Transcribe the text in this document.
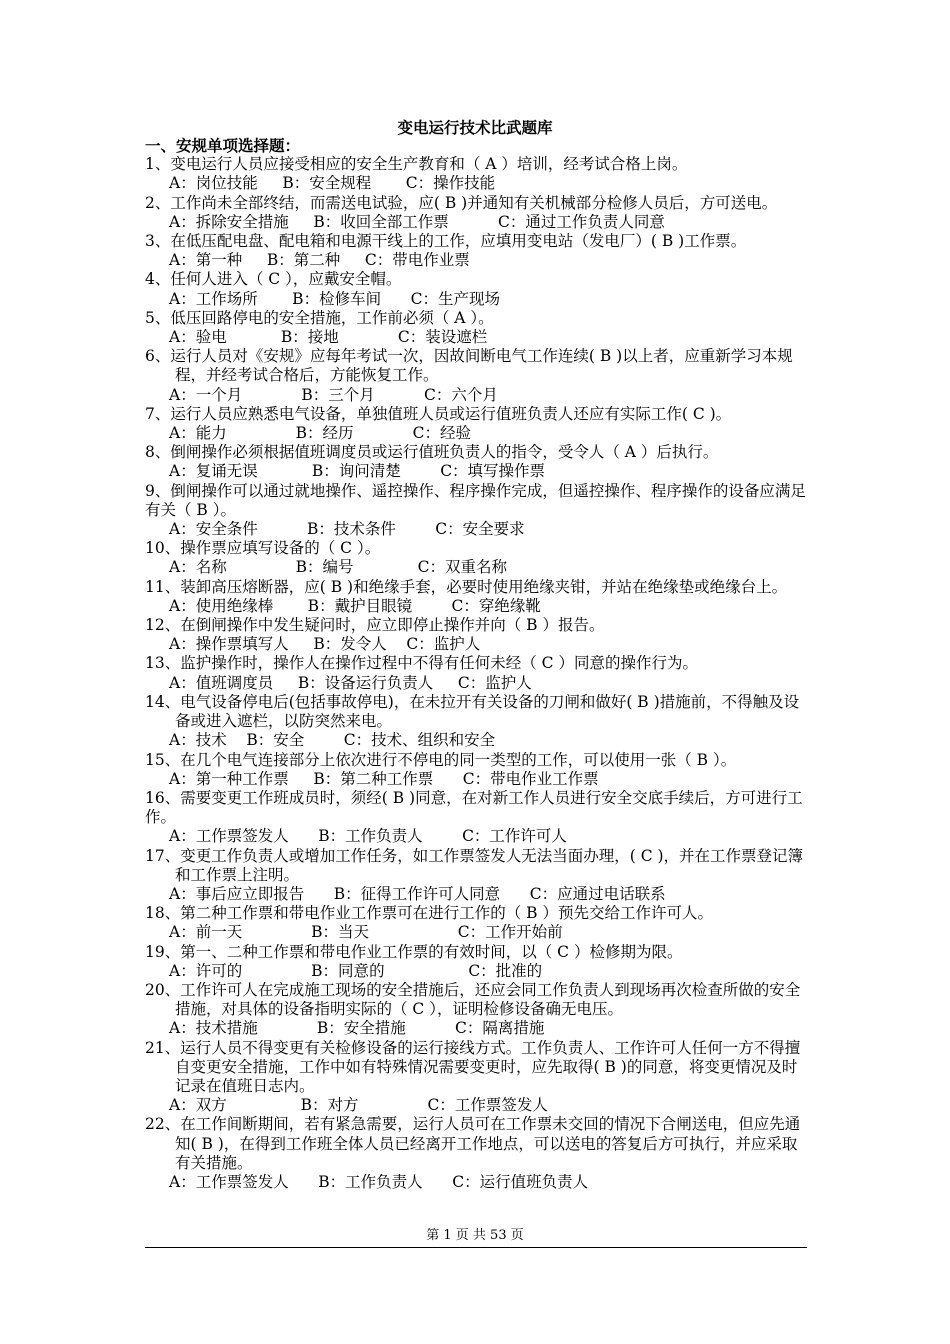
变电运行技术比武题库

一、安规单项选择题：

1、变电运行人员应接受相应的安全生产教育和（ A ）培训，经考试合格上岗。

A：岗位技能     B：安全规程       C：操作技能

2、工作尚未全部终结，而需送电试验，应( B )并通知有关机械部分检修人员后，方可送电。

A：拆除安全措施     B：收回全部工作票          C：通过工作负责人同意

3、在低压配电盘、配电箱和电源干线上的工作，应填用变电站（发电厂）( B )工作票。

A：第一种     B：第二种     C：带电作业票

4、任何人进入（ C ），应戴安全帽。

A：工作场所       B：检修车间      C：生产现场

5、低压回路停电的安全措施，工作前必须（ A ）。

A：验电           B：接地            C：装设遮栏

6、运行人员对《安规》应每年考试一次，因故间断电气工作连续( B )以上者，应重新学习本规程，并经考试合格后，方能恢复工作。

A：一个月            B：三个月          C：六个月

7、运行人员应熟悉电气设备，单独值班人员或运行值班负责人还应有实际工作( C )。

A：能力              B：经历            C：经验

8、倒闸操作必须根据值班调度员或运行值班负责人的指令，受令人（ A ）后执行。

A：复诵无误           B：询问清楚        C：填写操作票

9、倒闸操作可以通过就地操作、遥控操作、程序操作完成，但遥控操作、程序操作的设备应满足有关（ B ）。

A：安全条件          B：技术条件        C：安全要求

10、操作票应填写设备的（ C ）。

A：名称              B：编号             C：双重名称

11、装卸高压熔断器，应( B )和绝缘手套，必要时使用绝缘夹钳，并站在绝缘垫或绝缘台上。

A：使用绝缘棒       B：戴护目眼镜        C：穿绝缘靴

12、在倒闸操作中发生疑问时，应立即停止操作并向（ B ）报告。

A：操作票填写人     B：发令人    C：监护人

13、监护操作时，操作人在操作过程中不得有任何未经（ C ）同意的操作行为。

A：值班调度员     B：设备运行负责人     C：监护人

14、电气设备停电后(包括事故停电)，在未拉开有关设备的刀闸和做好( B )措施前，不得触及设备或进入遮栏，以防突然来电。

A：技术    B：安全        C：技术、组织和安全

15、在几个电气连接部分上依次进行不停电的同一类型的工作，可以使用一张（ B ）。

A：第一种工作票     B：第二种工作票      C：带电作业工作票

16、需要变更工作班成员时，须经( B )同意，在对新工作人员进行安全交底手续后，方可进行工作。

A：工作票签发人      B：工作负责人        C：工作许可人

17、变更工作负责人或增加工作任务，如工作票签发人无法当面办理，( C )，并在工作票登记簿和工作票上注明。

A：事后应立即报告      B：征得工作许可人同意      C：应通过电话联系

18、第二种工作票和带电作业工作票可在进行工作的（ B ）预先交给工作许可人。

A：前一天              B：当天                  C：工作开始前

19、第一、二种工作票和带电作业工作票的有效时间，以（ C ）检修期为限。

A：许可的              B：同意的                 C：批准的

20、工作许可人在完成施工现场的安全措施后，还应会同工作负责人到现场再次检查所做的安全措施，对具体的设备指明实际的（ C ），证明检修设备确无电压。

A：技术措施            B：安全措施          C：隔离措施

21、运行人员不得变更有关检修设备的运行接线方式。工作负责人、工作许可人任何一方不得擅自变更安全措施，工作中如有特殊情况需要变更时，应先取得( B )的同意，将变更情况及时记录在值班日志内。

A：双方               B：对方              C：工作票签发人

22、在工作间断期间，若有紧急需要，运行人员可在工作票未交回的情况下合闸送电，但应先通知( B )，在得到工作班全体人员已经离开工作地点，可以送电的答复后方可执行，并应采取有关措施。

A：工作票签发人      B：工作负责人      C：运行值班负责人

第 1 页 共 53 页
